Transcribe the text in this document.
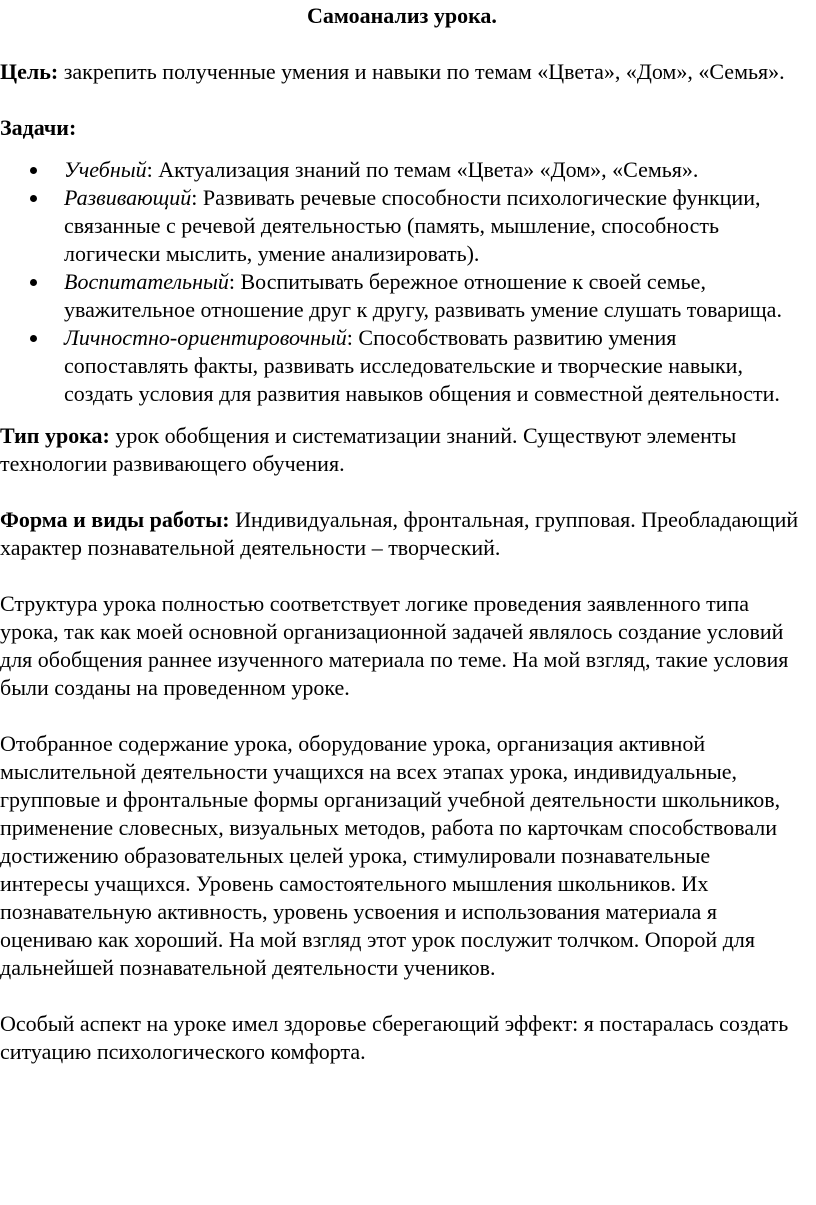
Самоанализ урока.

Цель: закрепить полученные умения и навыки по темам «Цвета», «Дом», «Семья».

Задачи:

Учебный: Актуализация знаний по темам «Цвета» «Дом», «Семья».
Развивающий: Развивать речевые способности психологические функции, связанные с речевой деятельностью (память, мышление, способность логически мыслить, умение анализировать).
Воспитательный: Воспитывать бережное отношение к своей семье, уважительное отношение друг к другу, развивать умение слушать товарища.
Личностно-ориентировочный: Способствовать развитию умения сопоставлять факты, развивать исследовательские и творческие навыки, создать условия для развития навыков общения и совместной деятельности.

Тип урока: урок обобщения и систематизации знаний. Существуют элементы технологии развивающего обучения.

Форма и виды работы: Индивидуальная, фронтальная, групповая. Преобладающий характер познавательной деятельности – творческий.

Структура урока полностью соответствует логике проведения заявленного типа урока, так как моей основной организационной задачей являлось создание условий для обобщения раннее изученного материала по теме. На мой взгляд, такие условия были созданы на проведенном уроке.

Отобранное содержание урока, оборудование урока, организация активной мыслительной деятельности учащихся на всех этапах урока, индивидуальные, групповые и фронтальные формы организаций учебной деятельности школьников, применение словесных, визуальных методов, работа по карточкам способствовали достижению образовательных целей урока, стимулировали познавательные интересы учащихся. Уровень самостоятельного мышления школьников. Их познавательную активность, уровень усвоения и использования материала я оцениваю как хороший. На мой взгляд этот урок послужит толчком. Опорой для дальнейшей познавательной деятельности учеников.

Особый аспект на уроке имел здоровье сберегающий эффект: я постаралась создать ситуацию психологического комфорта.
